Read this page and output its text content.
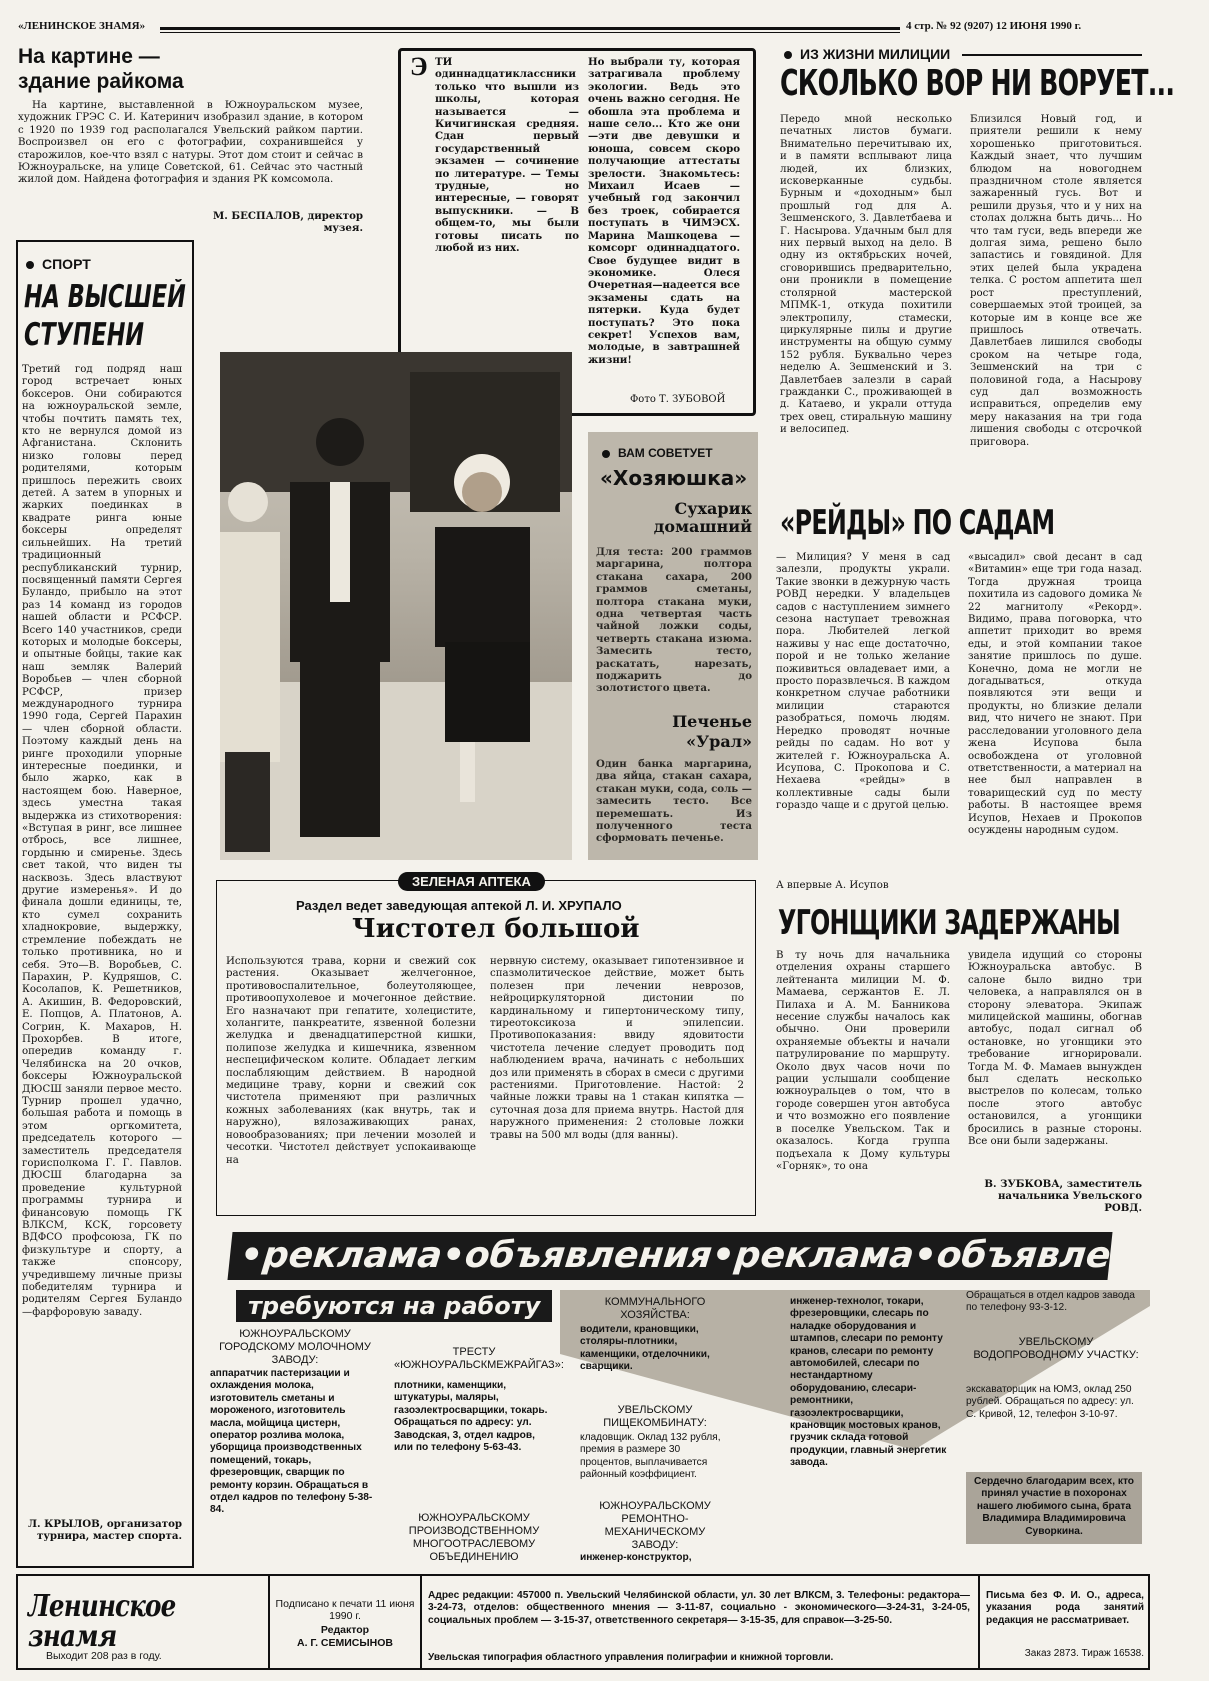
«ЛЕНИНСКОЕ ЗНАМЯ»	4 стр. № 92 (9207) 12 ИЮНЯ 1990 г.
На картине — здание райкома
На картине, выставленной в Южноуральском музее, художник ГРЭС С. И. Катеринич изобразил здание, в котором с 1920 по 1939 год располагался Увельский райком партии. Воспроизвел он его с фотографии, сохранившейся у старожилов, кое-что взял с натуры. Этот дом стоит и сейчас в Южноуральске, на улице Советской, 61. Сейчас это частный жилой дом. Найдена фотография и здания РК комсомола.
М. БЕСПАЛОВ, директор музея.
Э ТИ одиннадцатиклассники только что вышли из школы, которая называется — Кичигинская средняя. Сдан первый государственный экзамен — сочинение по литературе. — Темы трудные, но интересные, — говорят выпускники. — В общем-то, мы были готовы писать по любой из них.
Но выбрали ту, которая затрагивала проблему экологии. Ведь это очень важно сегодня. Не обошла эта проблема и наше село... Кто же они—эти две девушки и юноша, совсем скоро получающие аттестаты зрелости. Знакомьтесь: Михаил Исаев — учебный год закончил без троек, собирается поступать в ЧИМЭСХ. Марина Машкоцева — комсорг одиннадцатого. Свое будущее видит в экономике. Олеся Очеретная—надеется все экзамены сдать на пятерки. Куда будет поступать? Это пока секрет! Успехов вам, молодые, в завтрашней жизни!
Фото Т. ЗУБОВОЙ
СПОРТ
НА ВЫСШЕЙ СТУПЕНИ
Третий год подряд наш город встречает юных боксеров. Они собираются на южноуральской земле, чтобы почтить память тех, кто не вернулся домой из Афганистана. Склонить низко головы перед родителями, которым пришлось пережить своих детей. А затем в упорных и жарких поединках в квадрате ринга юные боксеры определят сильнейших. На третий традиционный республиканский турнир, посвященный памяти Сергея Буландо, прибыло на этот раз 14 команд из городов нашей области и РСФСР. Всего 140 участников, среди которых и молодые боксеры, и опытные бойцы, такие как наш земляк Валерий Воробьев — член сборной РСФСР, призер международного турнира 1990 года, Сергей Парахин — член сборной области. Поэтому каждый день на ринге проходили упорные интересные поединки, и было жарко, как в настоящем бою. Наверное, здесь уместна такая выдержка из стихотворения: «Вступая в ринг, все лишнее отбрось, все лишнее, гордыню и смиренье. Здесь свет такой, что виден ты насквозь. Здесь властвуют другие измеренья». И до финала дошли единицы, те, кто сумел сохранить хладнокровие, выдержку, стремление побеждать не только противника, но и себя. Это—В. Воробьев, С. Парахин, Р. Кудряшов, С. Косолапов, К. Решетников, А. Акишин, В. Федоровский, Е. Попцов, А. Платонов, А. Согрин, К. Махаров, Н. Прохорбев. В итоге, опередив команду г. Челябинска на 20 очков, боксеры Южноуральской ДЮСШ заняли первое место. Турнир прошел удачно, большая работа и помощь в этом оргкомитета, председатель которого — заместитель председателя горисполкома Г. Г. Павлов. ДЮСШ благодарна за проведение культурной программы турнира и финансовую помощь ГК ВЛКСМ, КСК, горсовету ВДФСО профсоюза, ГК по физкультуре и спорту, а также спонсору, учредившему личные призы победителям турнира и родителям Сергея Буландо —фарфоровую заваду.
Л. КРЫЛОВ, организатор турнира, мастер спорта.
ИЗ ЖИЗНИ МИЛИЦИИ
СКОЛЬКО ВОР НИ ВОРУЕТ...
Передо мной несколько печатных листов бумаги. Внимательно перечитываю их, и в памяти всплывают лица людей, их близких, исковерканные судьбы. Бурным и «доходным» был прошлый год для А. Зешменского, З. Давлетбаева и Г. Насырова. Удачным был для них первый выход на дело. В одну из октябрьских ночей, сговорившись предварительно, они проникли в помещение столярной мастерской МПМК-1, откуда похитили электропилу, стамески, циркулярные пилы и другие инструменты на общую сумму 152 рубля. Буквально через неделю А. Зешменский и З. Давлетбаев залезли в сарай гражданки С., проживающей в д. Катаево, и украли оттуда трех овец, стиральную машину и велосипед.
Близился Новый год, и приятели решили к нему хорошенько приготовиться. Каждый знает, что лучшим блюдом на новогоднем праздничном столе является зажаренный гусь. Вот и решили друзья, что и у них на столах должна быть дичь... Но что там гуси, ведь впереди же долгая зима, решено было запастись и говядиной. Для этих целей была украдена телка. С ростом аппетита шел рост преступлений, совершаемых этой троицей, за которые им в конце все же пришлось отвечать. Давлетбаев лишился свободы сроком на четыре года, Зешменский на три с половиной года, а Насырову суд дал возможность исправиться, определив ему меру наказания на три года лишения свободы с отсрочкой приговора.
ВАМ СОВЕТУЕТ
«Хозяюшка»
Сухарик домашний
Для теста: 200 граммов маргарина, полтора стакана сахара, 200 граммов сметаны, полтора стакана муки, одна четвертая часть чайной ложки соды, четверть стакана изюма. Замесить тесто, раскатать, нарезать, поджарить до золотистого цвета.
Печенье «Урал»
Один банка маргарина, два яйца, стакан сахара, стакан муки, сода, соль — замесить тесто. Все перемешать. Из полученного теста сформовать печенье.
«РЕЙДЫ» ПО САДАМ
— Милиция? У меня в сад залезли, продукты украли. Такие звонки в дежурную часть РОВД нередки. У владельцев садов с наступлением зимнего сезона наступает тревожная пора. Любителей легкой наживы у нас еще достаточно, порой и не только желание поживиться овладевает ими, а просто поразвлечься. В каждом конкретном случае работники милиции стараются разобраться, помочь людям. Нередко проводят ночные рейды по садам. Но вот у жителей г. Южноуральска А. Исупова, С. Прокопова и С. Нехаева «рейды» в коллективные сады были гораздо чаще и с другой целью.
А впервые А. Исупов
«высадил» свой десант в сад «Витамин» еще три года назад. Тогда дружная троица похитила из садового домика № 22 магнитолу «Рекорд». Видимо, права поговорка, что аппетит приходит во время еды, и этой компании такое занятие пришлось по душе. Конечно, дома не могли не догадываться, откуда появляются эти вещи и продукты, но близкие делали вид, что ничего не знают. При расследовании уголовного дела жена Исупова была освобождена от уголовной ответственности, а материал на нее был направлен в товарищеский суд по месту работы. В настоящее время Исупов, Нехаев и Прокопов осуждены народным судом.
ЗЕЛЕНАЯ АПТЕКА
Раздел ведет заведующая аптекой Л. И. ХРУПАЛО
Чистотел большой
Используются трава, корни и свежий сок растения. Оказывает желчегонное, противовоспалительное, болеутоляющее, противоопухолевое и мочегонное действие. Его назначают при гепатите, холецистите, холангите, панкреатите, язвенной болезни желудка и двенадцатиперстной кишки, полипозе желудка и кишечника, язвенном неспецифическом колите. Обладает легким послабляющим действием. В народной медицине траву, корни и свежий сок чистотела применяют при различных кожных заболеваниях (как внутрь, так и наружно), вялозаживающих ранах, новообразованиях; при лечении мозолей и чесотки. Чистотел действует успокаивающе на
нервную систему, оказывает гипотензивное и спазмолитическое действие, может быть полезен при лечении неврозов, нейроциркуляторной дистонии по кардинальному и гипертоническому типу, тиреотоксикоза и эпилепсии. Противопоказания: ввиду ядовитости чистотела лечение следует проводить под наблюдением врача, начинать с небольших доз или применять в сборах в смеси с другими растениями. Приготовление. Настой: 2 чайные ложки травы на 1 стакан кипятка — суточная доза для приема внутрь. Настой для наружного применения: 2 столовые ложки травы на 500 мл воды (для ванны).
УГОНЩИКИ ЗАДЕРЖАНЫ
В ту ночь для начальника отделения охраны старшего лейтенанта милиции М. Ф. Мамаева, сержантов Е. Л. Пилаха и А. М. Банникова несение службы началось как обычно. Они проверили охраняемые объекты и начали патрулирование по маршруту. Около двух часов ночи по рации услышали сообщение южноуральцев о том, что в городе совершен угон автобуса и что возможно его появление в поселке Увельском. Так и оказалось. Когда группа подъехала к Дому культуры «Горняк», то она
увидела идущий со стороны Южноуральска автобус. В салоне было видно три человека, а направлялся он в сторону элеватора. Экипаж милицейской машины, обогнав автобус, подал сигнал об остановке, но угонщики это требование игнорировали. Тогда М. Ф. Мамаев вынужден был сделать несколько выстрелов по колесам, только после этого автобус остановился, а угонщики бросились в разные стороны. Все они были задержаны.
В. ЗУБКОВА, заместитель начальника Увельского РОВД.
•реклама•объявления•реклама•объявления•
требуются на работу
ЮЖНОУРАЛЬСКОМУ ГОРОДСКОМУ МОЛОЧНОМУ ЗАВОДУ:
аппаратчик пастеризации и охлаждения молока, изготовитель сметаны и мороженого, изготовитель масла, мойщица цистерн, оператор розлива молока, уборщица производственных помещений, токарь, фрезеровщик, сварщик по ремонту корзин. Обращаться в отдел кадров по телефону 5-38-84.
ТРЕСТУ «ЮЖНОУРАЛЬСКМЕЖРАЙГАЗ»:
плотники, каменщики, штукатуры, маляры, газоэлектросварщики, токарь. Обращаться по адресу: ул. Заводская, 3, отдел кадров, или по телефону 5-63-43.
ЮЖНОУРАЛЬСКОМУ ПРОИЗВОДСТВЕННОМУ МНОГООТРАСЛЕВОМУ ОБЪЕДИНЕНИЮ
КОММУНАЛЬНОГО ХОЗЯЙСТВА:
водители, крановщики, столяры-плотники, каменщики, отделочники, сварщики.
УВЕЛЬСКОМУ ПИЩЕКОМБИНАТУ:
кладовщик. Оклад 132 рубля, премия в размере 30 процентов, выплачивается районный коэффициент.
ЮЖНОУРАЛЬСКОМУ РЕМОНТНО-МЕХАНИЧЕСКОМУ ЗАВОДУ:
инженер-конструктор,
инженер-технолог, токари, фрезеровщики, слесарь по наладке оборудования и штампов, слесари по ремонту кранов, слесари по ремонту автомобилей, слесари по нестандартному оборудованию, слесари-ремонтники, газоэлектросварщики, крановщик мостовых кранов, грузчик склада готовой продукции, главный энергетик завода.
Обращаться в отдел кадров завода по телефону 93-3-12.
УВЕЛЬСКОМУ ВОДОПРОВОДНОМУ УЧАСТКУ:
экскаваторщик на ЮМЗ, оклад 250 рублей. Обращаться по адресу: ул. С. Кривой, 12, телефон 3-10-97.
Сердечно благодарим всех, кто принял участие в похоронах нашего любимого сына, брата Владимира Владимировича Суворкина.
Ленинское знамя
Выходит 208 раз в году.
Подписано к печати 11 июня 1990 г.
Редактор
А. Г. СЕМИСЫНОВ
Адрес редакции: 457000 п. Увельский Челябинской области, ул. 30 лет ВЛКСМ, 3. Телефоны: редактора—3-24-73, отделов: общественного мнения — 3-11-87, социально - экономического—3-24-31, 3-24-05, социальных проблем — 3-15-37, ответственного секретаря— 3-15-35, для справок—3-25-50.
Увельская типография областного управления полиграфии и книжной торговли.
Письма без Ф. И. О., адреса, указания рода занятий редакция не рассматривает.
Заказ 2873. Тираж 16538.
